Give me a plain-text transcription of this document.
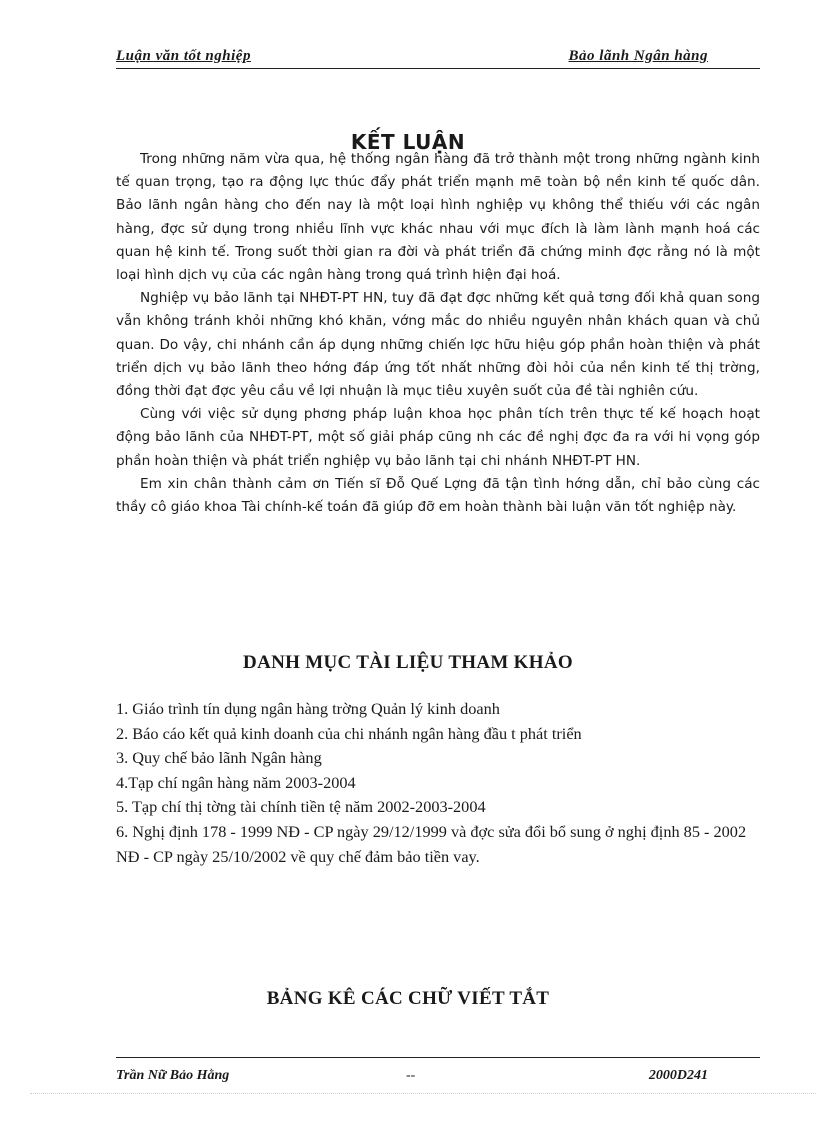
Luận văn tốt nghiệp	Bảo lãnh Ngân hàng
KẾT LUẬN

Trong những năm vừa qua, hệ thống ngân hàng đã trở thành một trong những ngành kinh tế quan trọng, tạo ra động lực thúc đẩy phát triển mạnh mẽ toàn bộ nền kinh tế quốc dân. Bảo lãnh ngân hàng cho đến nay là một loại hình nghiệp vụ không thể thiếu với các ngân hàng, đợc sử dụng trong nhiều lĩnh vực khác nhau với mục đích là làm lành mạnh hoá các quan hệ kinh tế. Trong suốt thời gian ra đời và phát triển đã chứng minh đợc rằng nó là một loại hình dịch vụ của các ngân hàng trong quá trình hiện đại hoá.

Nghiệp vụ bảo lãnh tại NHĐT-PT HN, tuy đã đạt đợc những kết quả tơng đối khả quan song vẫn không tránh khỏi những khó khăn, vớng mắc do nhiều nguyên nhân khách quan và chủ quan. Do vậy, chi nhánh cần áp dụng những chiến lợc hữu hiệu góp phần hoàn thiện và phát triển dịch vụ bảo lãnh theo hớng đáp ứng tốt nhất những đòi hỏi của nền kinh tế thị trờng, đồng thời đạt đợc yêu cầu về lợi nhuận là mục tiêu xuyên suốt của đề tài nghiên cứu.

Cùng với việc sử dụng phơng pháp luận khoa học phân tích trên thực tế kế hoạch hoạt động bảo lãnh của NHĐT-PT, một số giải pháp cũng nh các đề nghị đợc đa ra với hi vọng góp phần hoàn thiện và phát triển nghiệp vụ bảo lãnh tại chi nhánh NHĐT-PT HN.

Em xin chân thành cảm ơn Tiến sĩ Đỗ Quế Lợng đã tận tình hớng dẫn, chỉ bảo cùng các thầy cô giáo khoa Tài chính-kế toán đã giúp đỡ em hoàn thành bài luận văn tốt nghiệp này.

DANH MỤC TÀI LIỆU THAM KHẢO
1. Giáo trình tín dụng ngân hàng trờng Quản lý kinh doanh
2. Báo cáo kết quả kinh doanh của chi nhánh ngân hàng đầu t phát triển
3. Quy chế bảo lãnh Ngân hàng
4.Tạp chí ngân hàng năm 2003-2004
5. Tạp chí thị tờng tài chính tiền tệ năm 2002-2003-2004
6. Nghị định 178 - 1999 NĐ - CP ngày 29/12/1999 và đợc sửa đổi bổ sung ở nghị định 85 - 2002 NĐ - CP ngày 25/10/2002 về quy chế đảm bảo tiền vay.
BẢNG KÊ CÁC CHỮ VIẾT TẮT
Trần Nữ Bảo Hằng	--	2000D241
